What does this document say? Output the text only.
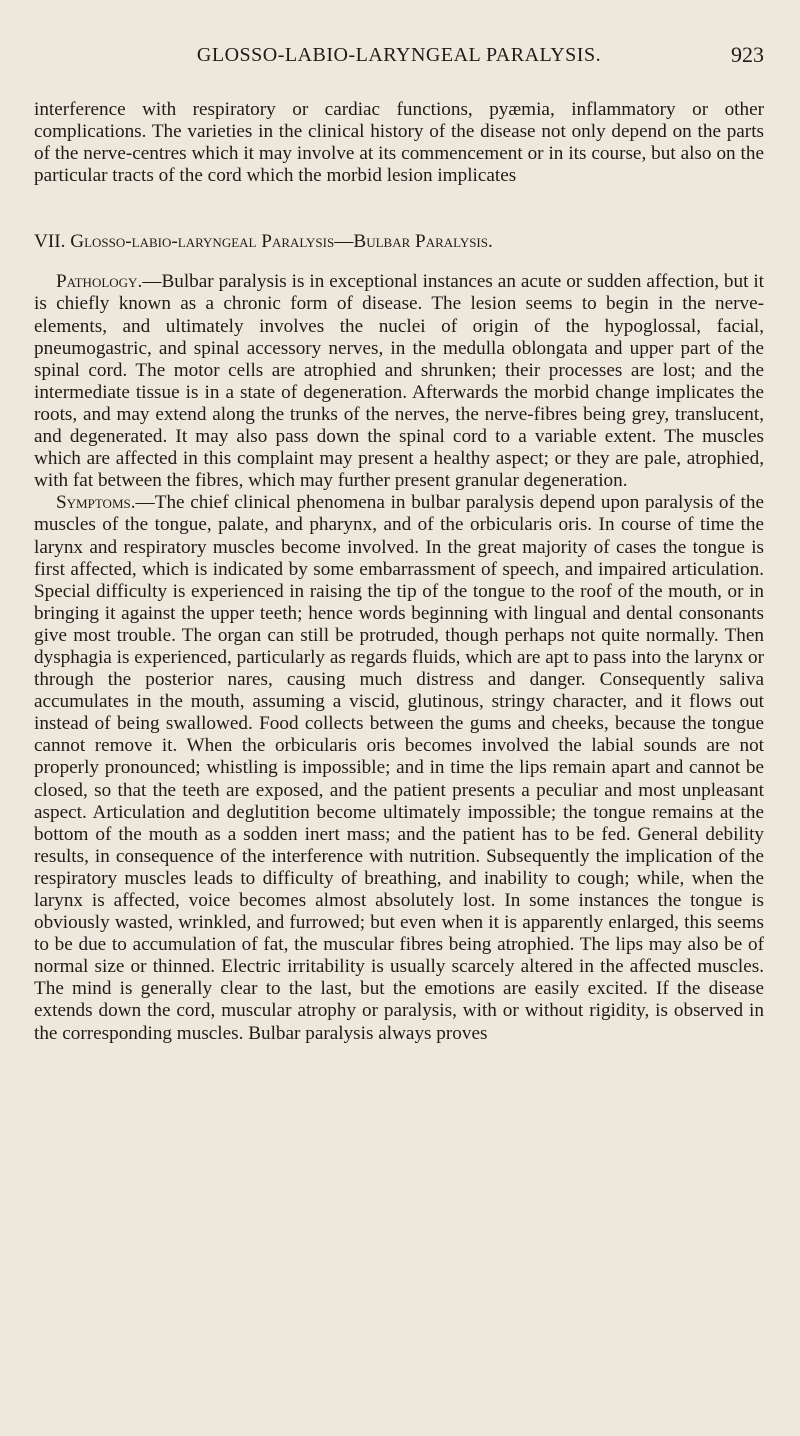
GLOSSO-LABIO-LARYNGEAL PARALYSIS.	923

interference with respiratory or cardiac functions, pyæmia, inflammatory or other complications. The varieties in the clinical history of the disease not only depend on the parts of the nerve-centres which it may involve at its commencement or in its course, but also on the particular tracts of the cord which the morbid lesion implicates

VII. Glosso-labio-laryngeal Paralysis—Bulbar Paralysis.

Pathology.—Bulbar paralysis is in exceptional instances an acute or sudden affection, but it is chiefly known as a chronic form of disease. The lesion seems to begin in the nerve-elements, and ultimately involves the nuclei of origin of the hypoglossal, facial, pneumogastric, and spinal accessory nerves, in the medulla oblongata and upper part of the spinal cord. The motor cells are atrophied and shrunken; their processes are lost; and the intermediate tissue is in a state of degeneration. Afterwards the morbid change implicates the roots, and may extend along the trunks of the nerves, the nerve-fibres being grey, translucent, and degenerated. It may also pass down the spinal cord to a variable extent. The muscles which are affected in this complaint may present a healthy aspect; or they are pale, atrophied, with fat between the fibres, which may further present granular degeneration.

Symptoms.—The chief clinical phenomena in bulbar paralysis depend upon paralysis of the muscles of the tongue, palate, and pharynx, and of the orbicularis oris. In course of time the larynx and respiratory muscles become involved. In the great majority of cases the tongue is first affected, which is indicated by some embarrassment of speech, and impaired articulation. Special difficulty is experienced in raising the tip of the tongue to the roof of the mouth, or in bringing it against the upper teeth; hence words beginning with lingual and dental consonants give most trouble. The organ can still be protruded, though perhaps not quite normally. Then dysphagia is experienced, particularly as regards fluids, which are apt to pass into the larynx or through the posterior nares, causing much distress and danger. Consequently saliva accumulates in the mouth, assuming a viscid, glutinous, stringy character, and it flows out instead of being swallowed. Food collects between the gums and cheeks, because the tongue cannot remove it. When the orbicularis oris becomes involved the labial sounds are not properly pronounced; whistling is impossible; and in time the lips remain apart and cannot be closed, so that the teeth are exposed, and the patient presents a peculiar and most unpleasant aspect. Articulation and deglutition become ultimately impossible; the tongue remains at the bottom of the mouth as a sodden inert mass; and the patient has to be fed. General debility results, in consequence of the interference with nutrition. Subsequently the implication of the respiratory muscles leads to difficulty of breathing, and inability to cough; while, when the larynx is affected, voice becomes almost absolutely lost. In some instances the tongue is obviously wasted, wrinkled, and furrowed; but even when it is apparently enlarged, this seems to be due to accumulation of fat, the muscular fibres being atrophied. The lips may also be of normal size or thinned. Electric irritability is usually scarcely altered in the affected muscles. The mind is generally clear to the last, but the emotions are easily excited. If the disease extends down the cord, muscular atrophy or paralysis, with or without rigidity, is observed in the corresponding muscles. Bulbar paralysis always proves
